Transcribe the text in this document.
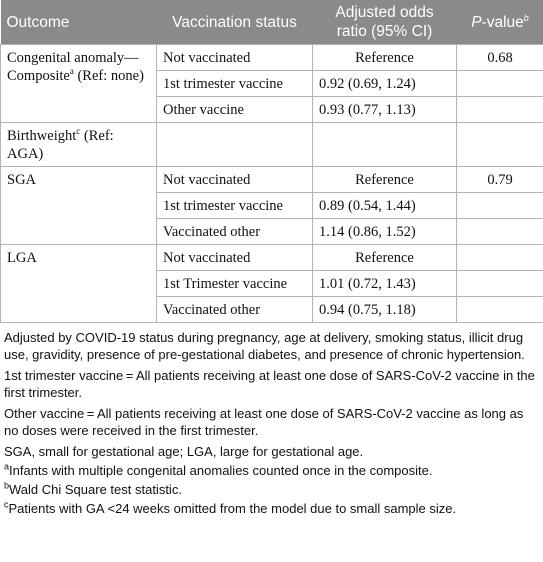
Outcome	Vaccination status	Adjusted odds ratio (95% CI)	P-value$^b$
Congenital anomaly—Composite$^a$ (Ref: none)	Not vaccinated	Reference	0.68
	1st trimester vaccine	0.92 (0.69, 1.24)	
	Other vaccine	0.93 (0.77, 1.13)	
Birthweight$^c$ (Ref: AGA)			
SGA	Not vaccinated	Reference	0.79
	1st trimester vaccine	0.89 (0.54, 1.44)	
	Vaccinated other	1.14 (0.86, 1.52)	
LGA	Not vaccinated	Reference	
	1st Trimester vaccine	1.01 (0.72, 1.43)	
	Vaccinated other	0.94 (0.75, 1.18)	

Adjusted by COVID-19 status during pregnancy, age at delivery, smoking status, illicit drug use, gravidity, presence of pre-gestational diabetes, and presence of chronic hypertension.

1st trimester vaccine = All patients receiving at least one dose of SARS-CoV-2 vaccine in the first trimester.

Other vaccine = All patients receiving at least one dose of SARS-CoV-2 vaccine as long as no doses were received in the first trimester.

SGA, small for gestational age; LGA, large for gestational age.

$^a$Infants with multiple congenital anomalies counted once in the composite.

$^b$Wald Chi Square test statistic.

$^c$Patients with GA <24 weeks omitted from the model due to small sample size.
